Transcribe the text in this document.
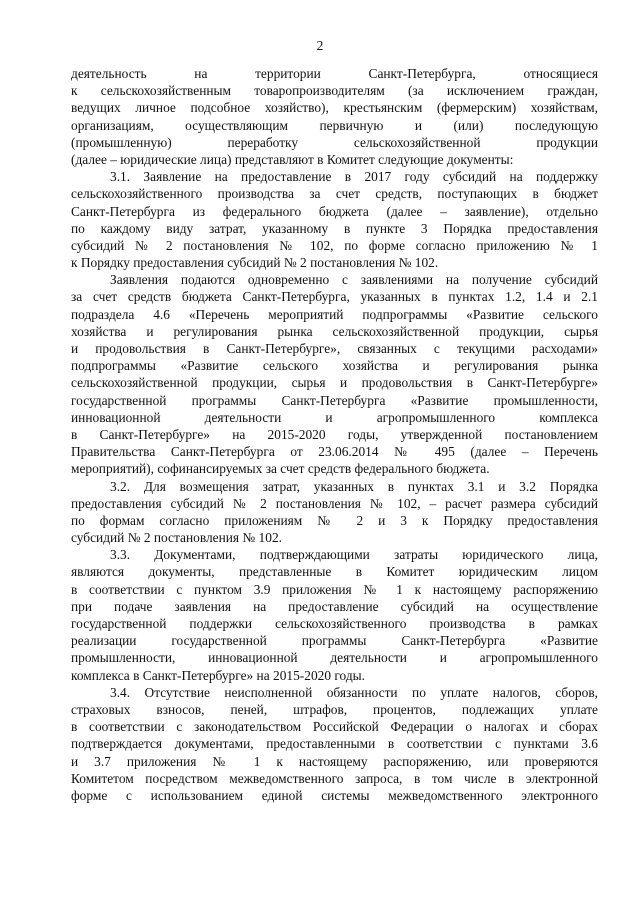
2
деятельность на территории Санкт-Петербурга, относящиеся
к сельскохозяйственным товаропроизводителям (за исключением граждан,
ведущих личное подсобное хозяйство), крестьянским (фермерским) хозяйствам,
организациям, осуществляющим первичную и (или) последующую
(промышленную) переработку сельскохозяйственной продукции
(далее – юридические лица) представляют в Комитет следующие документы:
3.1. Заявление на предоставление в 2017 году субсидий на поддержку
сельскохозяйственного производства за счет средств, поступающих в бюджет
Санкт-Петербурга из федерального бюджета (далее – заявление), отдельно
по каждому виду затрат, указанному в пункте 3 Порядка предоставления
субсидий № 2 постановления № 102, по форме согласно приложению № 1
к Порядку предоставления субсидий № 2 постановления № 102.
Заявления подаются одновременно с заявлениями на получение субсидий
за счет средств бюджета Санкт-Петербурга, указанных в пунктах 1.2, 1.4 и 2.1
подраздела 4.6 «Перечень мероприятий подпрограммы «Развитие сельского
хозяйства и регулирования рынка сельскохозяйственной продукции, сырья
и продовольствия в Санкт-Петербурге», связанных с текущими расходами»
подпрограммы «Развитие сельского хозяйства и регулирования рынка
сельскохозяйственной продукции, сырья и продовольствия в Санкт-Петербурге»
государственной программы Санкт-Петербурга «Развитие промышленности,
инновационной деятельности и агропромышленного комплекса
в Санкт-Петербурге» на 2015-2020 годы, утвержденной постановлением
Правительства Санкт-Петербурга от 23.06.2014 № 495 (далее – Перечень
мероприятий), софинансируемых за счет средств федерального бюджета.
3.2. Для возмещения затрат, указанных в пунктах 3.1 и 3.2 Порядка
предоставления субсидий № 2 постановления № 102, – расчет размера субсидий
по формам согласно приложениям № 2 и 3 к Порядку предоставления
субсидий № 2 постановления № 102.
3.3. Документами, подтверждающими затраты юридического лица,
являются документы, представленные в Комитет юридическим лицом
в соответствии с пунктом 3.9 приложения № 1 к настоящему распоряжению
при подаче заявления на предоставление субсидий на осуществление
государственной поддержки сельскохозяйственного производства в рамках
реализации государственной программы Санкт-Петербурга «Развитие
промышленности, инновационной деятельности и агропромышленного
комплекса в Санкт-Петербурге» на 2015-2020 годы.
3.4. Отсутствие неисполненной обязанности по уплате налогов, сборов,
страховых взносов, пеней, штрафов, процентов, подлежащих уплате
в соответствии с законодательством Российской Федерации о налогах и сборах
подтверждается документами, предоставленными в соответствии с пунктами 3.6
и 3.7 приложения № 1 к настоящему распоряжению, или проверяются
Комитетом посредством межведомственного запроса, в том числе в электронной
форме с использованием единой системы межведомственного электронного
